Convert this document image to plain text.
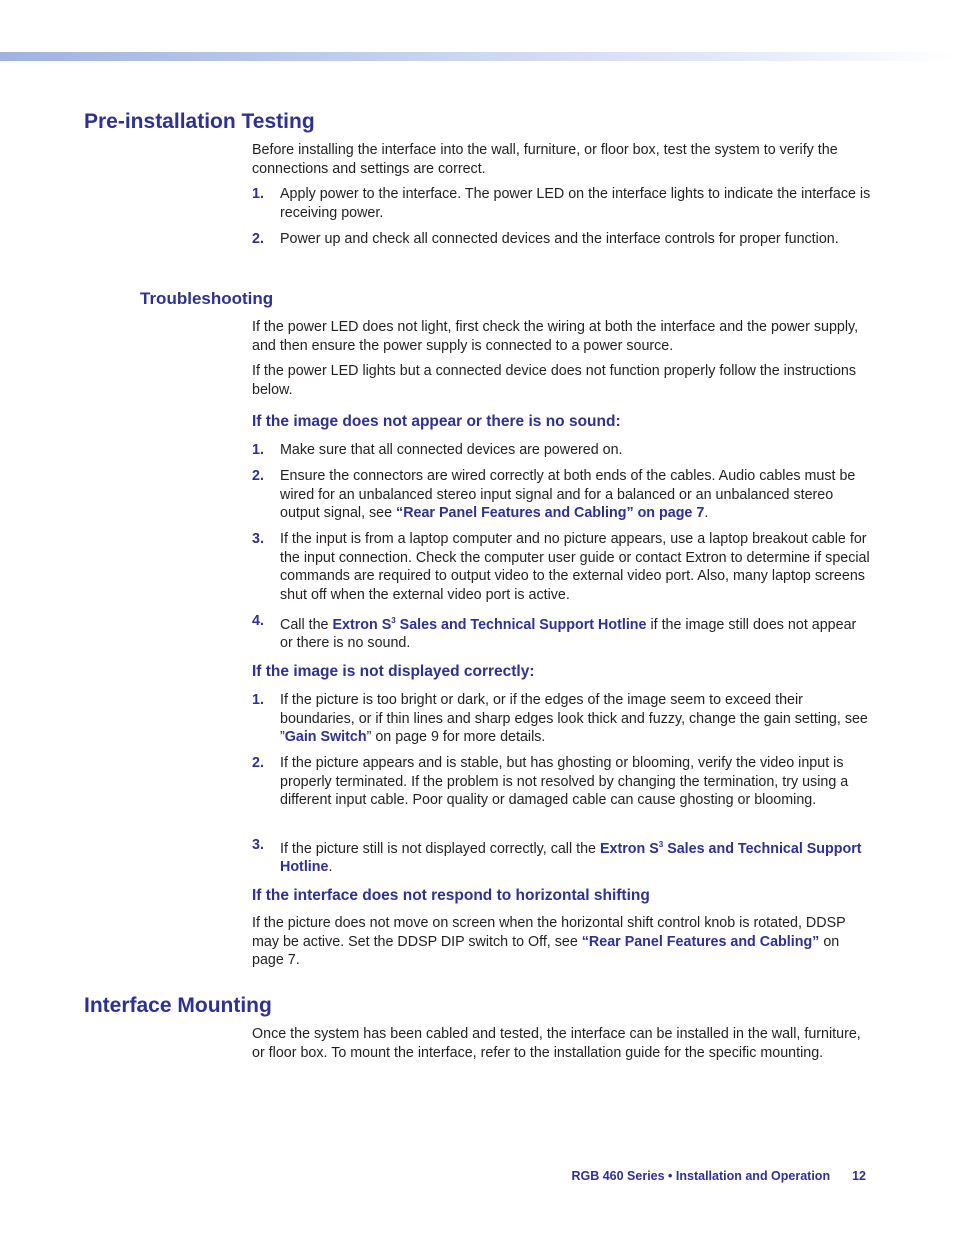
Pre-installation Testing

Before installing the interface into the wall, furniture, or floor box, test the system to verify the connections and settings are correct.

1. Apply power to the interface. The power LED on the interface lights to indicate the interface is receiving power.
2. Power up and check all connected devices and the interface controls for proper function.
Troubleshooting

If the power LED does not light, first check the wiring at both the interface and the power supply, and then ensure the power supply is connected to a power source.

If the power LED lights but a connected device does not function properly follow the instructions below.

If the image does not appear or there is no sound:
1. Make sure that all connected devices are powered on.
2. Ensure the connectors are wired correctly at both ends of the cables. Audio cables must be wired for an unbalanced stereo input signal and for a balanced or an unbalanced stereo output signal, see “Rear Panel Features and Cabling” on page 7.
3. If the input is from a laptop computer and no picture appears, use a laptop breakout cable for the input connection. Check the computer user guide or contact Extron to determine if special commands are required to output video to the external video port. Also, many laptop screens shut off when the external video port is active.
4. Call the Extron $S^3$ Sales and Technical Support Hotline if the image still does not appear or there is no sound.
If the image is not displayed correctly:
1. If the picture is too bright or dark, or if the edges of the image seem to exceed their boundaries, or if thin lines and sharp edges look thick and fuzzy, change the gain setting, see ”Gain Switch” on page 9 for more details.
2. If the picture appears and is stable, but has ghosting or blooming, verify the video input is properly terminated. If the problem is not resolved by changing the termination, try using a different input cable. Poor quality or damaged cable can cause ghosting or blooming.
3. If the picture still is not displayed correctly, call the Extron $S^3$ Sales and Technical Support Hotline.
If the interface does not respond to horizontal shifting

If the picture does not move on screen when the horizontal shift control knob is rotated, DDSP may be active. Set the DDSP DIP switch to Off, see “Rear Panel Features and Cabling” on page 7.

Interface Mounting

Once the system has been cabled and tested, the interface can be installed in the wall, furniture, or floor box. To mount the interface, refer to the installation guide for the specific mounting.

RGB 460 Series • Installation and Operation 12
